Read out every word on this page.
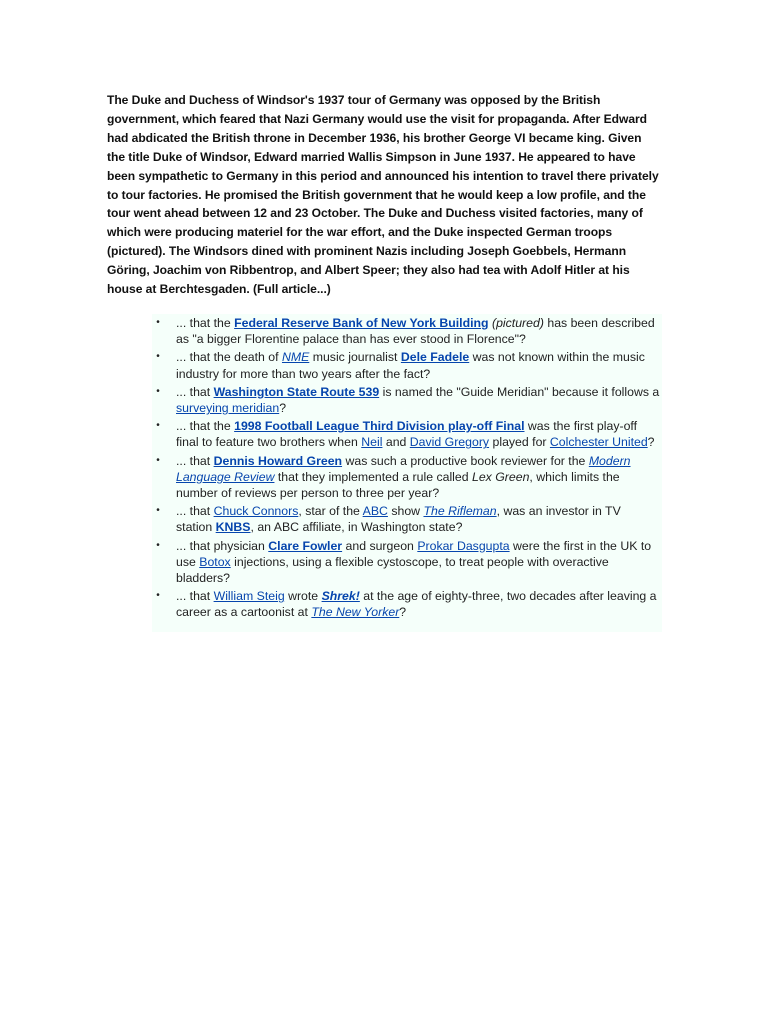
The Duke and Duchess of Windsor's 1937 tour of Germany was opposed by the British government, which feared that Nazi Germany would use the visit for propaganda. After Edward had abdicated the British throne in December 1936, his brother George VI became king. Given the title Duke of Windsor, Edward married Wallis Simpson in June 1937. He appeared to have been sympathetic to Germany in this period and announced his intention to travel there privately to tour factories. He promised the British government that he would keep a low profile, and the tour went ahead between 12 and 23 October. The Duke and Duchess visited factories, many of which were producing materiel for the war effort, and the Duke inspected German troops (pictured). The Windsors dined with prominent Nazis including Joseph Goebbels, Hermann Göring, Joachim von Ribbentrop, and Albert Speer; they also had tea with Adolf Hitler at his house at Berchtesgaden. (Full article...)

•	... that the Federal Reserve Bank of New York Building (pictured) has been described as "a bigger Florentine palace than has ever stood in Florence"?
•	... that the death of NME music journalist Dele Fadele was not known within the music industry for more than two years after the fact?
•	... that Washington State Route 539 is named the "Guide Meridian" because it follows a surveying meridian?
•	... that the 1998 Football League Third Division play-off Final was the first play-off final to feature two brothers when Neil and David Gregory played for Colchester United?
•	... that Dennis Howard Green was such a productive book reviewer for the Modern Language Review that they implemented a rule called Lex Green, which limits the number of reviews per person to three per year?
•	... that Chuck Connors, star of the ABC show The Rifleman, was an investor in TV station KNBS, an ABC affiliate, in Washington state?
•	... that physician Clare Fowler and surgeon Prokar Dasgupta were the first in the UK to use Botox injections, using a flexible cystoscope, to treat people with overactive bladders?
•	... that William Steig wrote Shrek! at the age of eighty-three, two decades after leaving a career as a cartoonist at The New Yorker?
